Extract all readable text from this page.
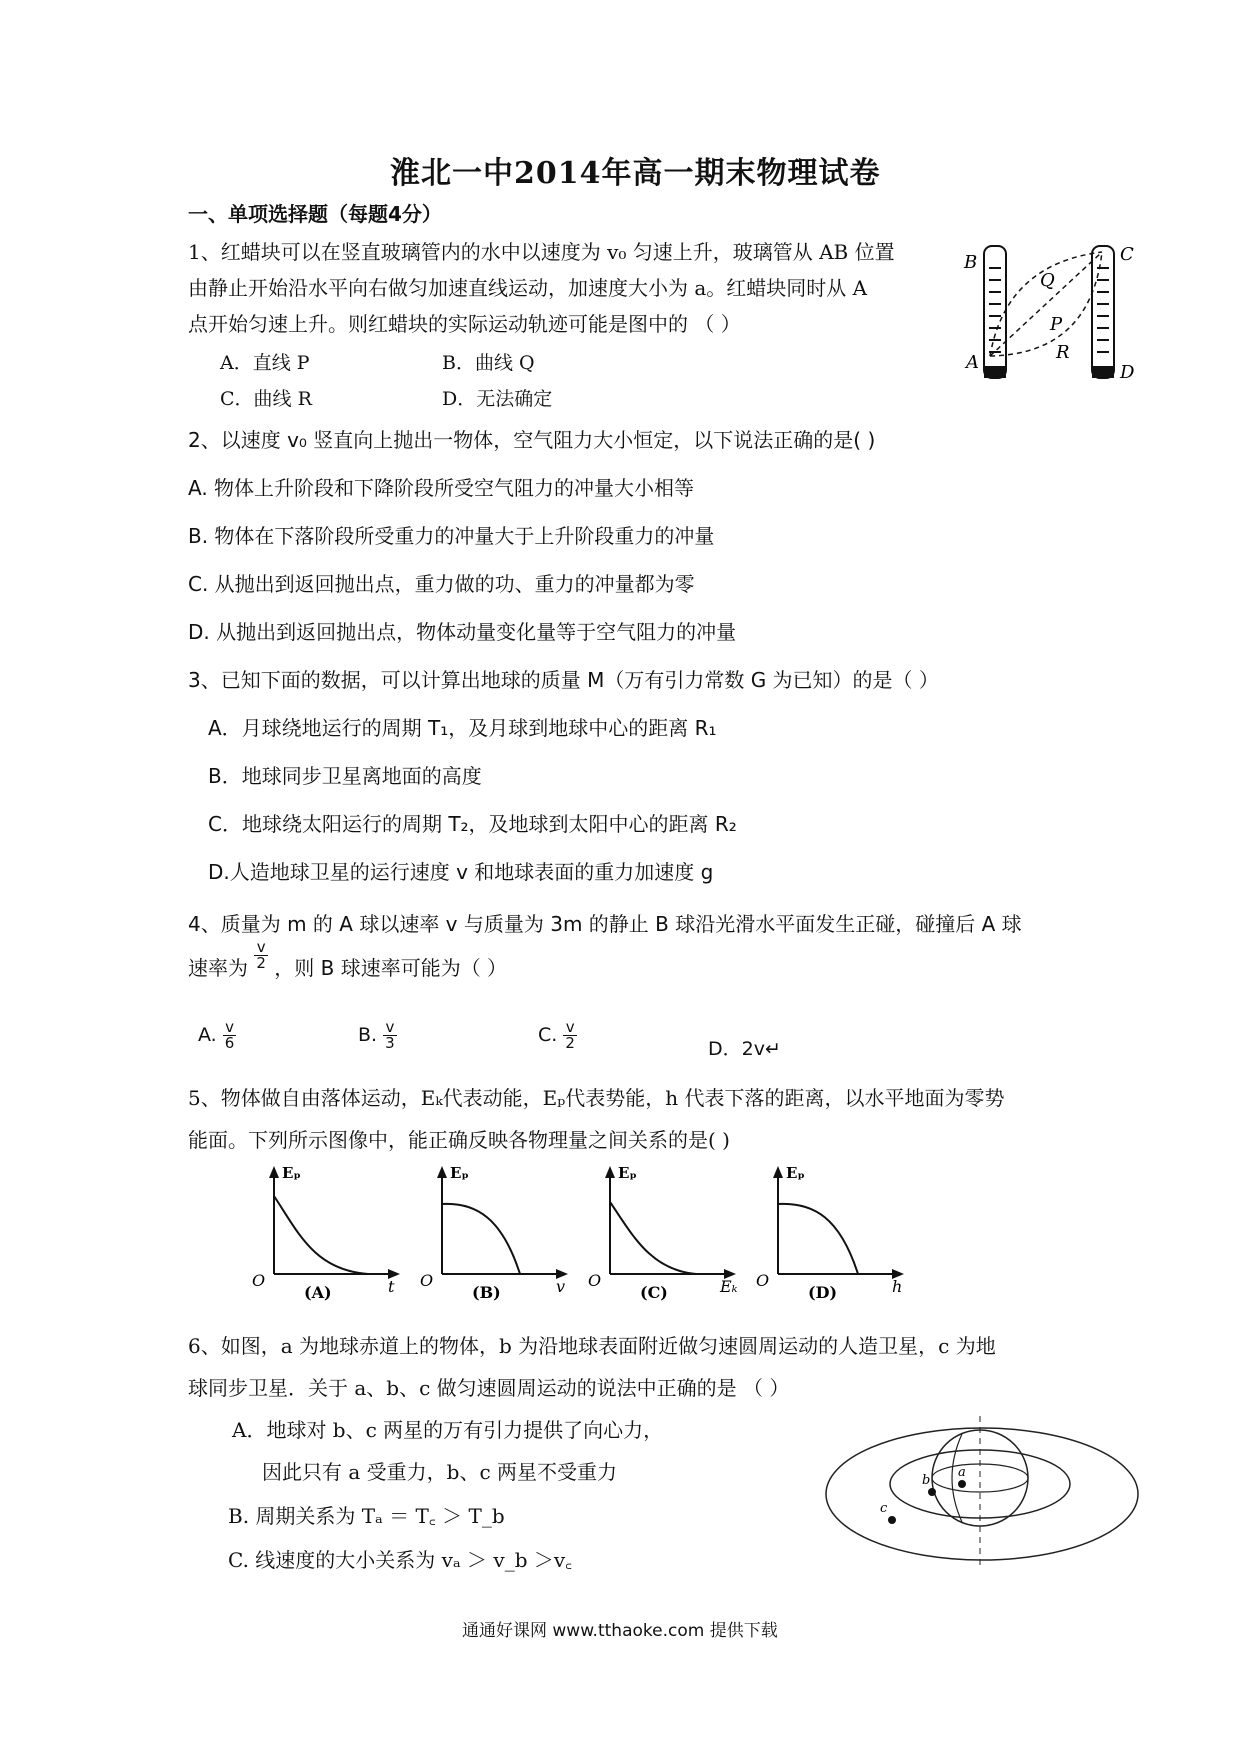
淮北一中2014年高一期末物理试卷
一、单项选择题（每题4分）
1、红蜡块可以在竖直玻璃管内的水中以速度为 v₀ 匀速上升，玻璃管从 AB 位置
由静止开始沿水平向右做匀加速直线运动，加速度大小为 a。红蜡块同时从 A
点开始匀速上升。则红蜡块的实际运动轨迹可能是图中的 （ ）
A．直线 P	B．曲线 Q
C．曲线 R	D．无法确定
B
Q
P
R
A
C
D
2、以速度 v₀ 竖直向上抛出一物体，空气阻力大小恒定，以下说法正确的是( )
A. 物体上升阶段和下降阶段所受空气阻力的冲量大小相等
B. 物体在下落阶段所受重力的冲量大于上升阶段重力的冲量
C. 从抛出到返回抛出点，重力做的功、重力的冲量都为零
D. 从抛出到返回抛出点，物体动量变化量等于空气阻力的冲量
3、已知下面的数据，可以计算出地球的质量 M（万有引力常数 G 为已知）的是（ ）
A．月球绕地运行的周期 T₁，及月球到地球中心的距离 R₁
B．地球同步卫星离地面的高度
C．地球绕太阳运行的周期 T₂，及地球到太阳中心的距离 R₂
D.人造地球卫星的运行速度 v 和地球表面的重力加速度 g
4、质量为 m 的 A 球以速率 v 与质量为 3m 的静止 B 球沿光滑水平面发生正碰，碰撞后 A 球
速率为 $\frac{v}{2}$ ，则 B 球速率可能为（ ）
A. $\frac{v}{6}$	B. $\frac{v}{3}$	C. $\frac{v}{2}$	D．2v↵
5、物体做自由落体运动，Eₖ代表动能，Eₚ代表势能，h 代表下落的距离，以水平地面为零势
能面。下列所示图像中，能正确反映各物理量之间关系的是( )
Eₚ
O	t
(A)
Eₚ
O	v
(B)
Eₚ
O	Eₖ
(C)
Eₚ
O	h
(D)
6、如图，a 为地球赤道上的物体，b 为沿地球表面附近做匀速圆周运动的人造卫星，c 为地
球同步卫星．关于 a、b、c 做匀速圆周运动的说法中正确的是 （ ）
A．地球对 b、c 两星的万有引力提供了向心力，
因此只有 a 受重力，b、c 两星不受重力
B. 周期关系为 Tₐ ＝ T꜀ ＞ T_b
C. 线速度的大小关系为 vₐ ＞ v_b ＞v꜀
a
b
c
通通好课网 www.tthaoke.com 提供下载
